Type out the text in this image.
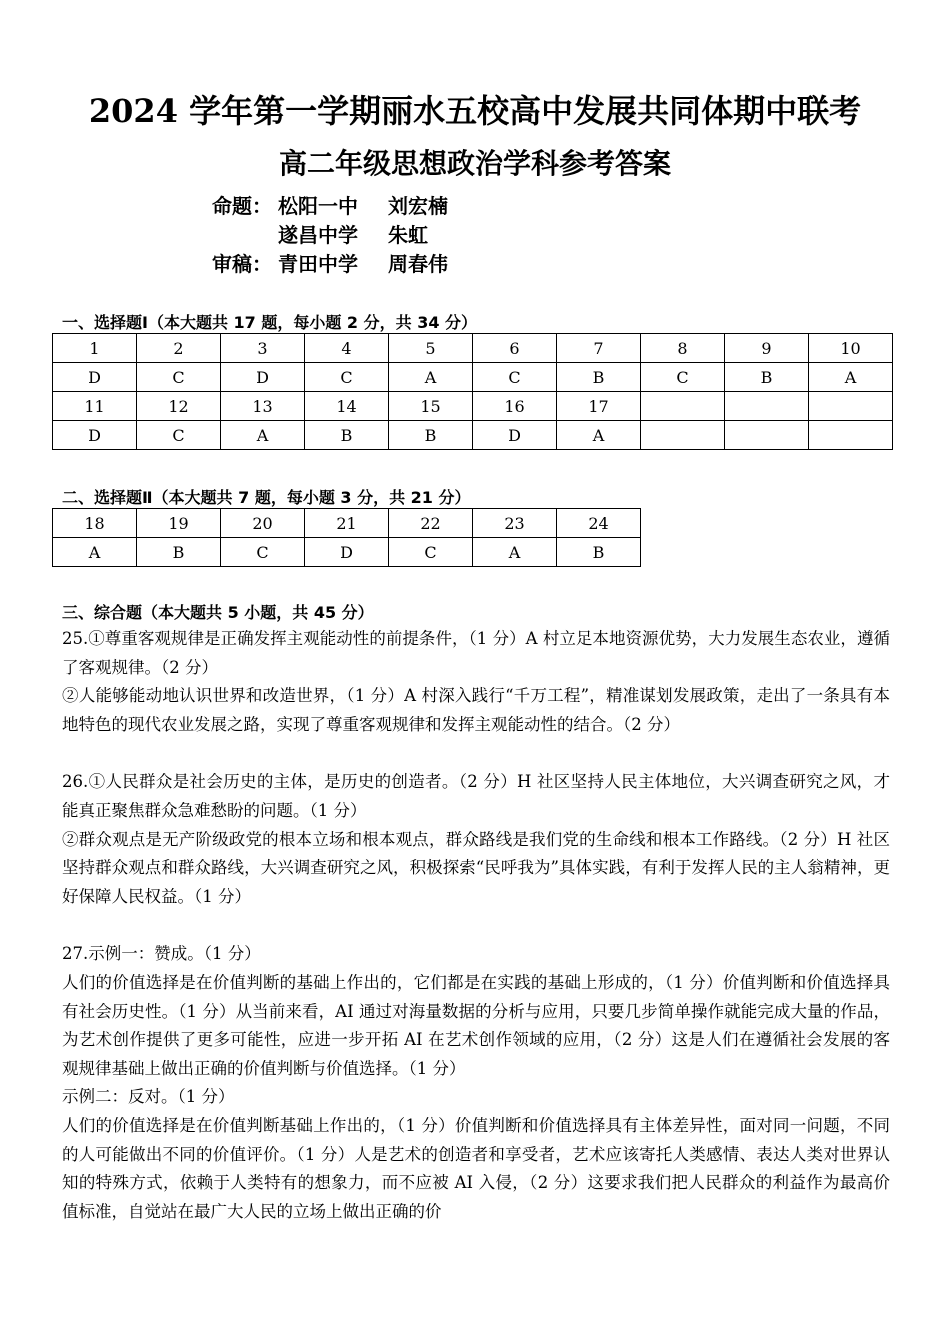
2024 学年第一学期丽水五校高中发展共同体期中联考
高二年级思想政治学科参考答案
命题： 松阳一中	刘宏楠
遂昌中学	朱虹
审稿： 青田中学	周春伟
一、选择题Ⅰ（本大题共 17 题，每小题 2 分，共 34 分）
1	2	3	4	5	6	7	8	9	10
D	C	D	C	A	C	B	C	B	A
11	12	13	14	15	16	17			
D	C	A	B	B	D	A			
二、选择题Ⅱ（本大题共 7 题，每小题 3 分，共 21 分）
18	19	20	21	22	23	24
A	B	C	D	C	A	B
三、综合题（本大题共 5 小题，共 45 分）

25.①尊重客观规律是正确发挥主观能动性的前提条件，（1 分）A 村立足本地资源优势，大力发展生态农业，遵循了客观规律。（2 分）

②人能够能动地认识世界和改造世界，（1 分）A 村深入践行“千万工程”，精准谋划发展政策，走出了一条具有本地特色的现代农业发展之路，实现了尊重客观规律和发挥主观能动性的结合。（2 分）

26.①人民群众是社会历史的主体，是历史的创造者。（2 分）H 社区坚持人民主体地位，大兴调查研究之风，才能真正聚焦群众急难愁盼的问题。（1 分）

②群众观点是无产阶级政党的根本立场和根本观点，群众路线是我们党的生命线和根本工作路线。（2 分）H 社区坚持群众观点和群众路线，大兴调查研究之风，积极探索“民呼我为”具体实践，有利于发挥人民的主人翁精神，更好保障人民权益。（1 分）

27.示例一：赞成。（1 分）

人们的价值选择是在价值判断的基础上作出的，它们都是在实践的基础上形成的，（1 分）价值判断和价值选择具有社会历史性。（1 分）从当前来看，AI 通过对海量数据的分析与应用，只要几步简单操作就能完成大量的作品，为艺术创作提供了更多可能性，应进一步开拓 AI 在艺术创作领域的应用，（2 分）这是人们在遵循社会发展的客观规律基础上做出正确的价值判断与价值选择。（1 分）

示例二：反对。（1 分）

人们的价值选择是在价值判断基础上作出的，（1 分）价值判断和价值选择具有主体差异性，面对同一问题，不同的人可能做出不同的价值评价。（1 分）人是艺术的创造者和享受者，艺术应该寄托人类感情、表达人类对世界认知的特殊方式，依赖于人类特有的想象力，而不应被 AI 入侵，（2 分）这要求我们把人民群众的利益作为最高价值标准，自觉站在最广大人民的立场上做出正确的价
